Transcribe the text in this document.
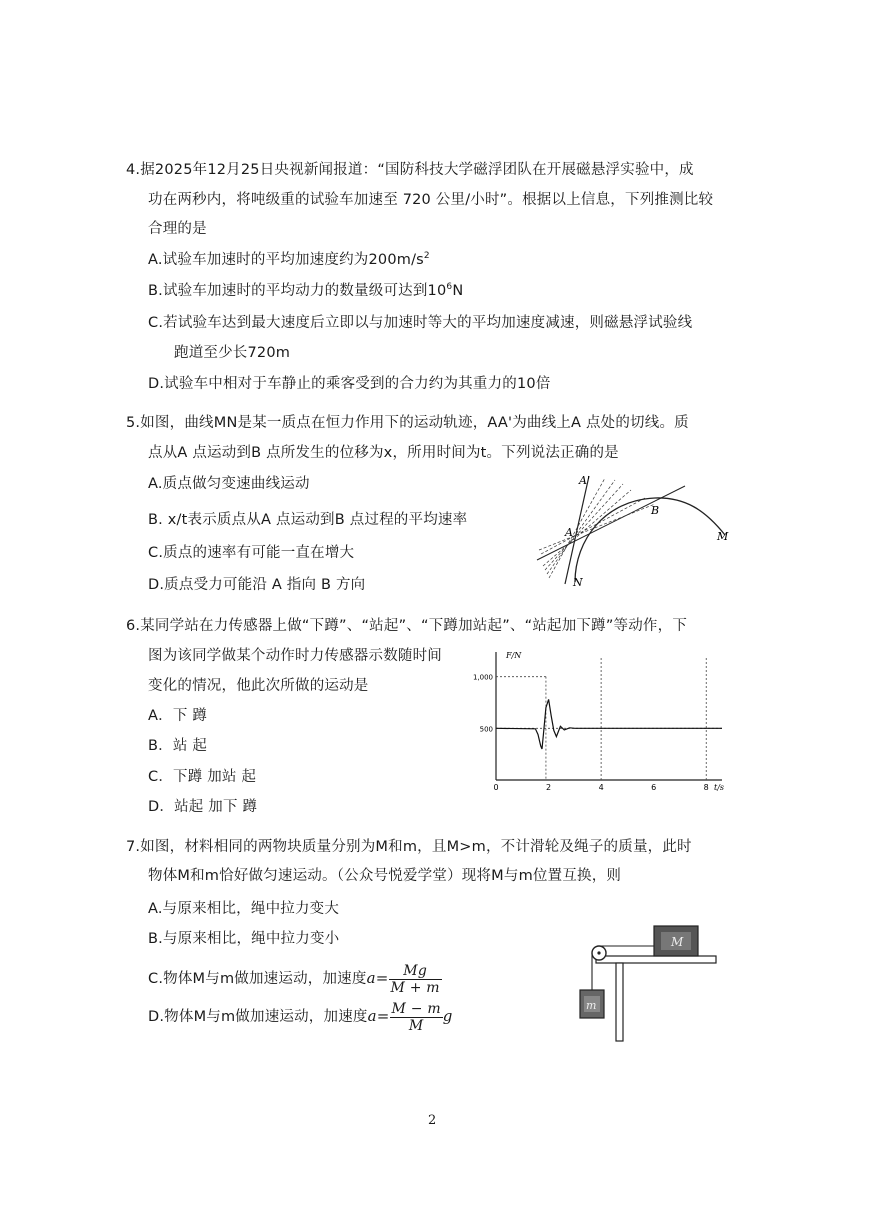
4.据2025年12月25日央视新闻报道：“国防科技大学磁浮团队在开展磁悬浮实验中，成
功在两秒内，将吨级重的试验车加速至 720 公里/小时”。根据以上信息，下列推测比较
合理的是
A.试验车加速时的平均加速度约为$200m/s^2$
B.试验车加速时的平均动力的数量级可达到$10^6N$
C.若试验车达到最大速度后立即以与加速时等大的平均加速度减速，则磁悬浮试验线
跑道至少长720m
D.试验车中相对于车静止的乘客受到的合力约为其重力的10倍
5.如图，曲线MN是某一质点在恒力作用下的运动轨迹，AA'为曲线上A 点处的切线。质
点从A 点运动到B 点所发生的位移为x，所用时间为t。下列说法正确的是
A.质点做匀变速曲线运动
B. x/t表示质点从A 点运动到B 点过程的平均速率
C.质点的速率有可能一直在增大
D.质点受力可能沿 A 指向 B 方向
A'
A
B
M
N
6.某同学站在力传感器上做“下蹲”、“站起”、“下蹲加站起”、“站起加下蹲”等动作，下
图为该同学做某个动作时力传感器示数随时间
变化的情况，他此次所做的运动是
A．下 蹲
B．站 起
C．下蹲 加站 起
D．站起 加下 蹲
1,000
500
0	2	4	6	8
F/N
t/s
7.如图，材料相同的两物块质量分别为M和m，且M>m，不计滑轮及绳子的质量，此时
物体M和m恰好做匀速运动。（公众号悦爱学堂）现将M与m位置互换，则
A.与原来相比，绳中拉力变大
B.与原来相比，绳中拉力变小
C.物体M与m做加速运动，加速度$a= \frac{Mg}{M + m}$
D.物体M与m做加速运动，加速度$a= \frac{M - m}{M}$ g
M
m
2
